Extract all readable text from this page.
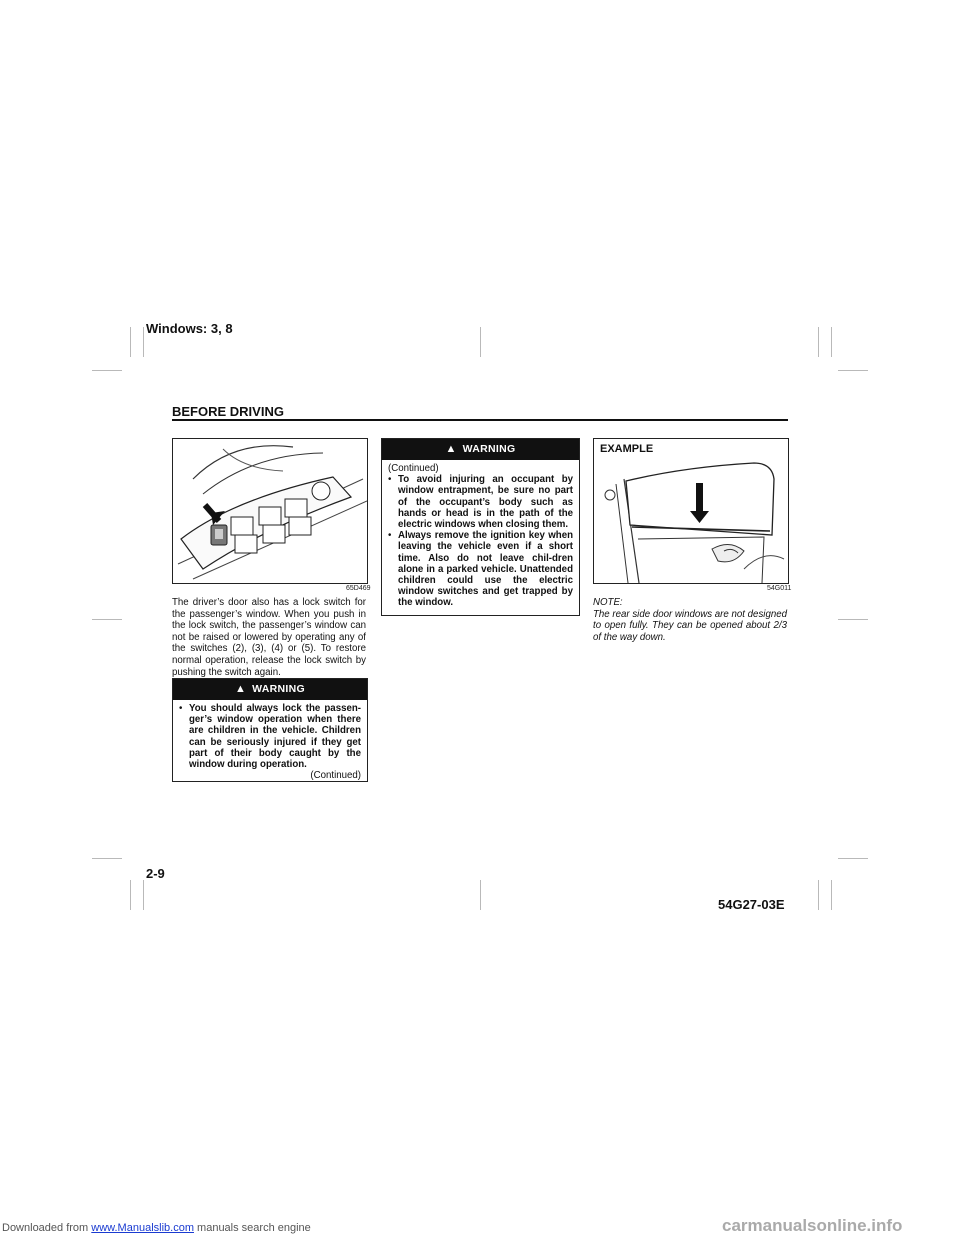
Windows: 3, 8
BEFORE DRIVING
65D469
The driver’s door also has a lock switch for the passenger’s window. When you push in the lock switch, the passenger’s window can not be raised or lowered by operating any of the switches (2), (3), (4) or (5). To restore normal operation, release the lock switch by pushing the switch again.
▲ WARNING
• You should always lock the passen-ger’s window operation when there are children in the vehicle. Children can be seriously injured if they get part of their body caught by the window during operation.
(Continued)
▲ WARNING
(Continued)
• To avoid injuring an occupant by window entrapment, be sure no part of the occupant’s body such as hands or head is in the path of the electric windows when closing them.
• Always remove the ignition key when leaving the vehicle even if a short time. Also do not leave chil-dren alone in a parked vehicle. Unattended children could use the electric window switches and get trapped by the window.
EXAMPLE
54G011
NOTE:
The rear side door windows are not designed to open fully. They can be opened about 2/3 of the way down.
2-9
54G27-03E
Downloaded from www.Manualslib.com manuals search engine	carmanualsonline.info
